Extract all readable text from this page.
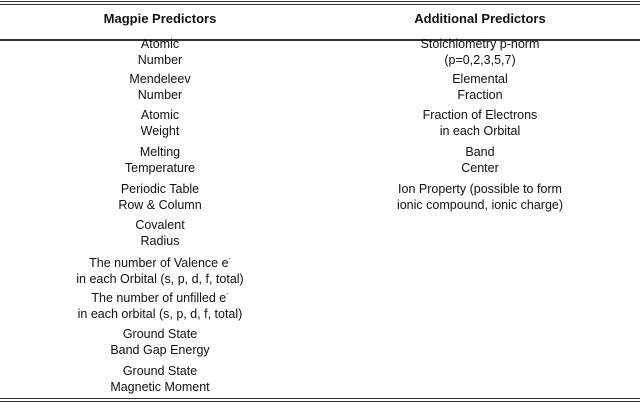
Magpie Predictors	Additional Predictors
Atomic
Number
Mendeleev
Number
Atomic
Weight
Melting
Temperature
Periodic Table
Row & Column
Covalent
Radius
The number of Valence e-
in each Orbital (s, p, d, f, total)
The number of unfilled e-
in each orbital (s, p, d, f, total)
Ground State
Band Gap Energy
Ground State
Magnetic Moment
Stoichiometry p-norm
(p=0,2,3,5,7)
Elemental
Fraction
Fraction of Electrons
in each Orbital
Band
Center
Ion Property (possible to form
ionic compound, ionic charge)
